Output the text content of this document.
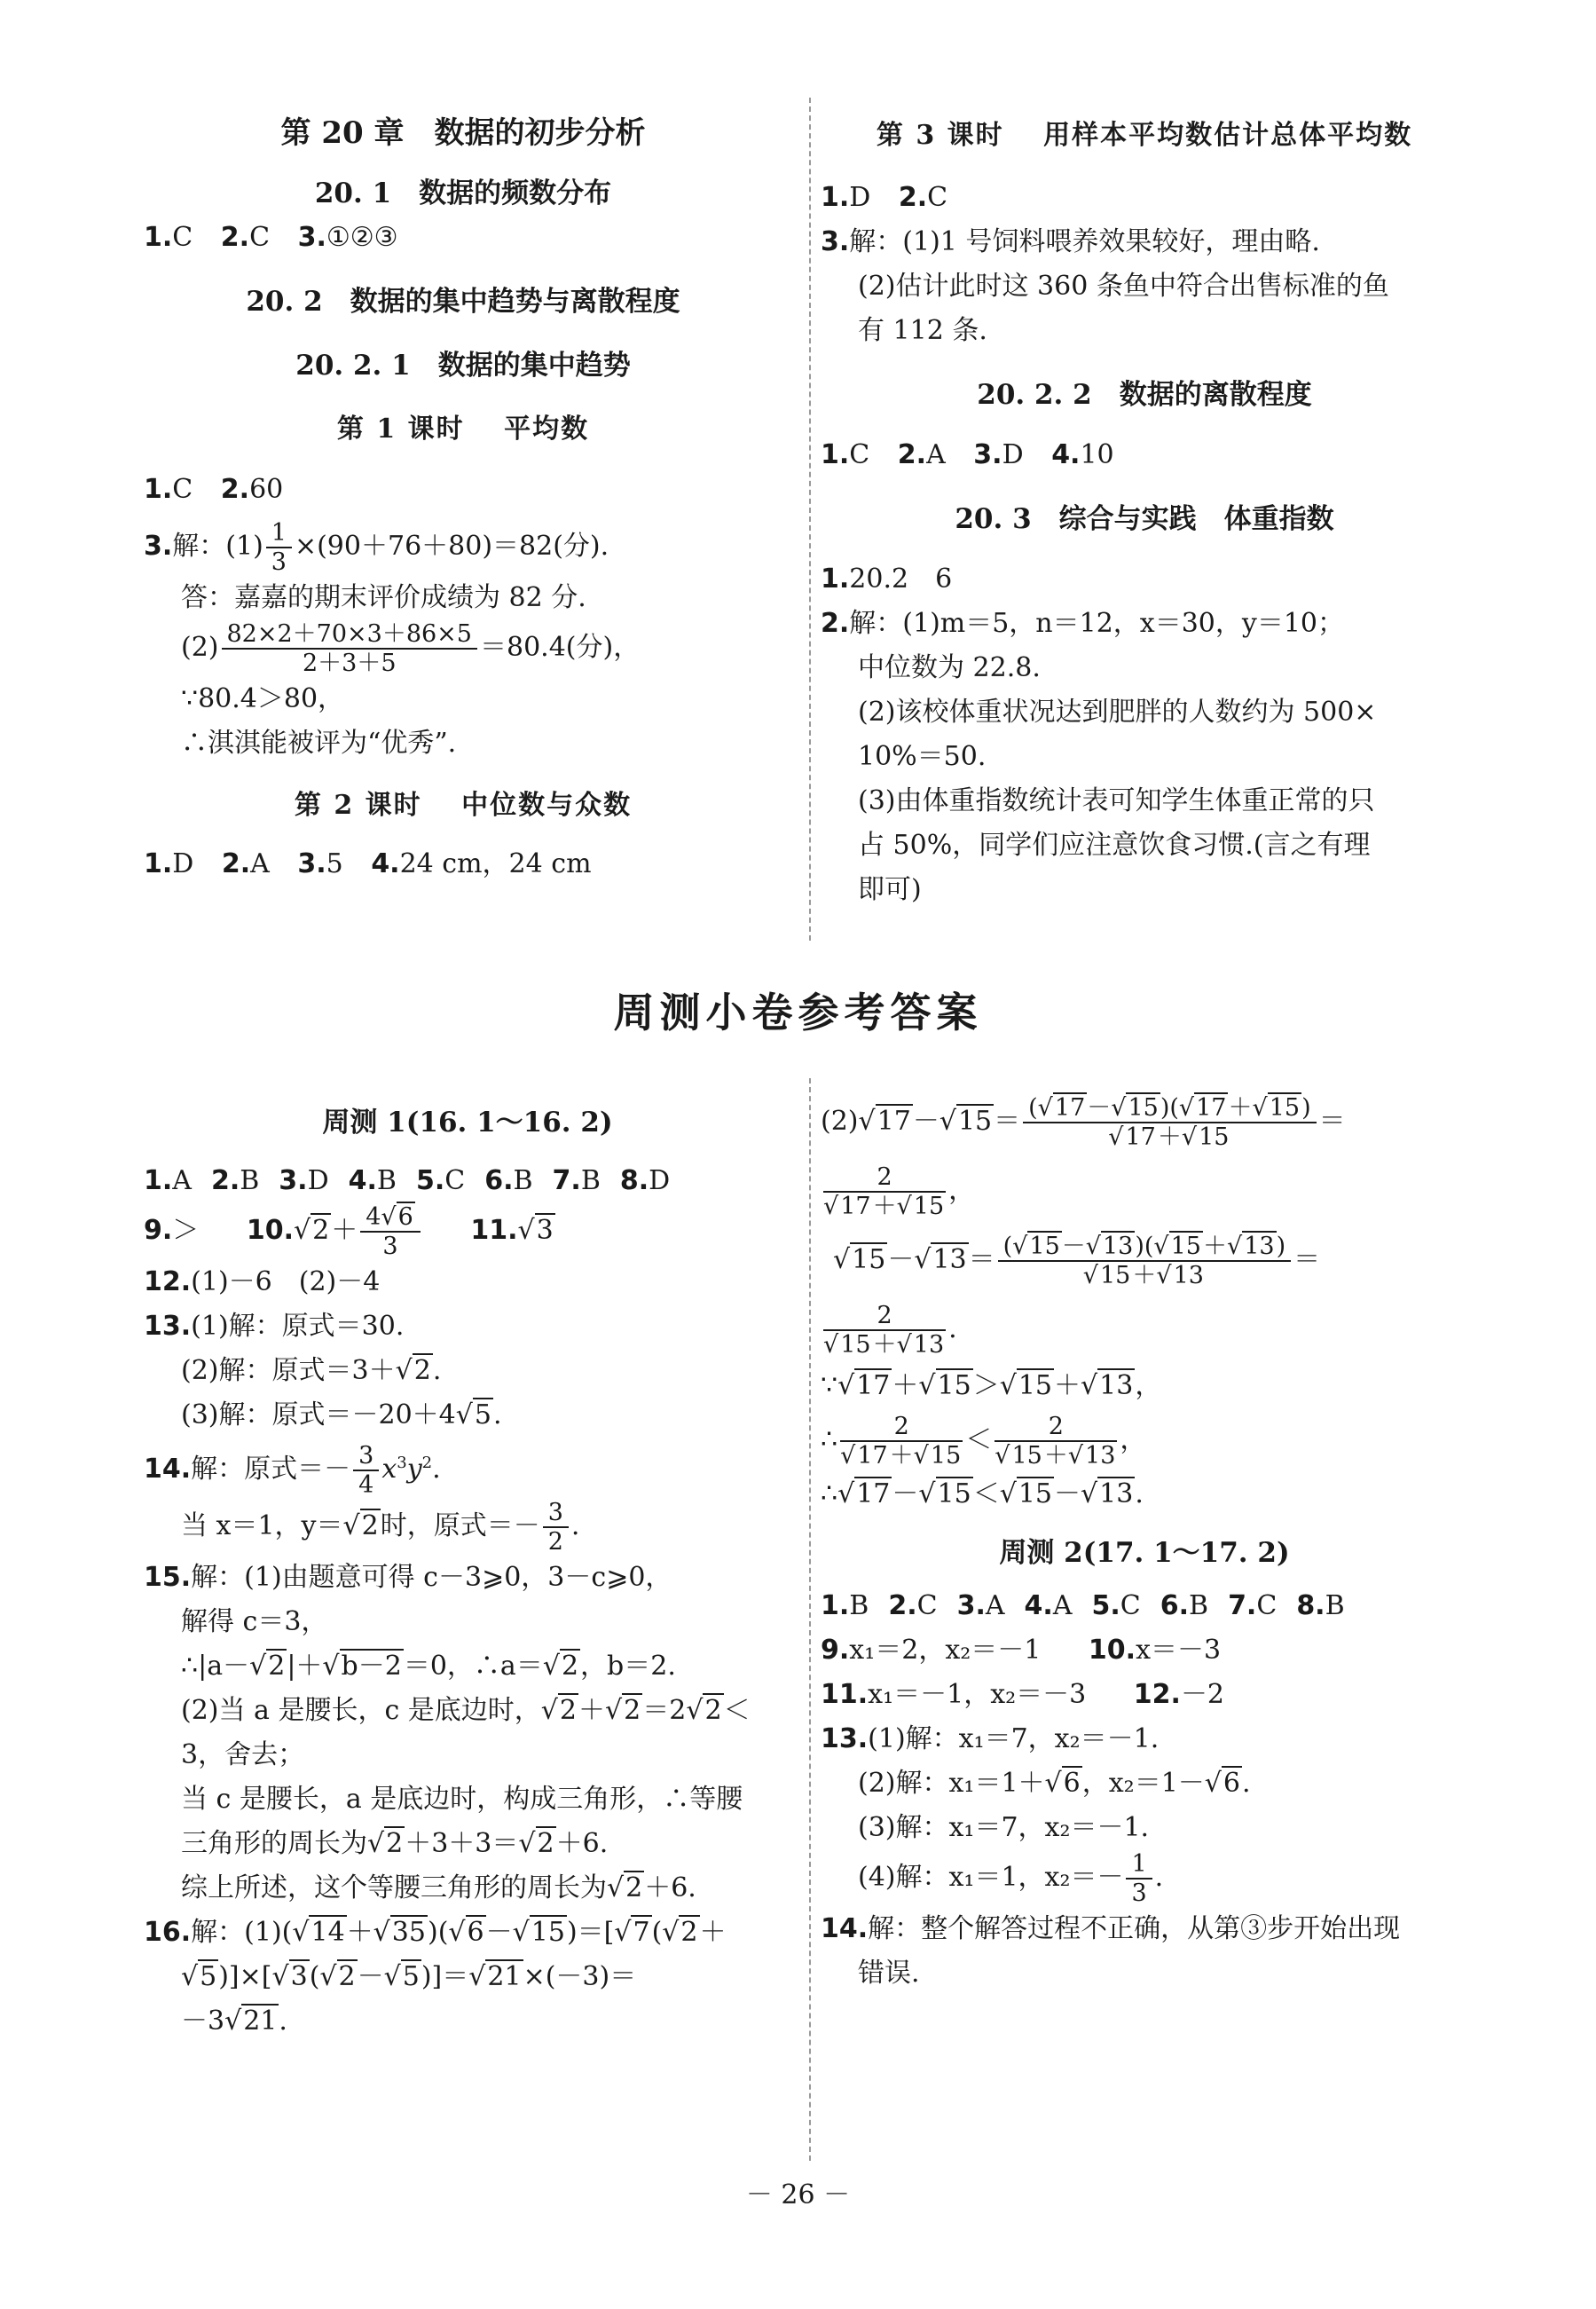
第 20 章　数据的初步分析
20. 1　数据的频数分布
1.C 2.C 3.①②③
20. 2　数据的集中趋势与离散程度
20. 2. 1　数据的集中趋势
第 1 课时　 平均数
1.C 2.60
3.解：$(1) \frac{1}{3} \times(90+76+80)=82$(分).
答：嘉嘉的期末评价成绩为 82 分.
$(2) \frac{82\times 2+70\times 3+86\times 5}{2+3+5} =80.4$(分)，
∵80.4＞80，
∴淇淇能被评为“优秀”.
第 2 课时　 中位数与众数
1.D 2.A 3.5 4.24 cm，24 cm
第 3 课时　 用样本平均数估计总体平均数
1.D 2.C
3.解：(1)1 号饲料喂养效果较好，理由略.
(2)估计此时这 360 条鱼中符合出售标准的鱼
有 112 条.
20. 2. 2　数据的离散程度
1.C 2.A 3.D 4.10
20. 3　综合与实践　体重指数
1.20.2　6
2.解：(1)m＝5，n＝12，x＝30，y＝10；
中位数为 22.8.
(2)该校体重状况达到肥胖的人数约为 500×
10%＝50.
(3)由体重指数统计表可知学生体重正常的只
占 50%，同学们应注意饮食习惯.(言之有理
即可)
周测小卷参考答案
周测 1(16. 1～16. 2)
1.A 2.B 3.D 4.B 5.C 6.B 7.B 8.D
$9.> 10.√2+ \frac{4√6}{3} 11.√3$
12.(1)－6　(2)－4
13.(1)解：原式＝30.
(2)解：原式＝3＋√2.
(3)解：原式＝－20＋4√5.
14.解：原式＝－ $\frac{3}{4} x^3y^2$.
当 x＝1，y＝√2时，原式＝－ $\frac{3}{2}$ .
15.解：(1)由题意可得 c－3⩾0，3－c⩾0，
解得 c＝3，
∴|a－√2|＋√b－2＝0，∴a＝√2，b＝2.
(2)当 a 是腰长，c 是底边时，√2＋√2＝2√2＜
3，舍去；
当 c 是腰长，a 是底边时，构成三角形，∴等腰
三角形的周长为√2＋3＋3＝√2＋6.
综上所述，这个等腰三角形的周长为√2＋6.
16.解：(1)(√14＋√35)(√6－√15)＝[√7(√2＋
√5)]×[√3(√2－√5)]＝√21×(－3)＝
－3√21.
$(2)√17-√15= \frac{(√17-√15)(√17+√15)}{√17+√15}$ ＝
$\frac{2}{√17+√15}$ ，
$√15-√13= \frac{(√15-√13)(√15+√13)}{√15+√13}$ ＝
$\frac{2}{√15+√13}$ .
∵√17＋√15＞√15＋√13，
∴ $\frac{2}{√17+√15} < \frac{2}{√15+√13}$ ，
∴√17－√15＜√15－√13.
周测 2(17. 1～17. 2)
1.B 2.C 3.A 4.A 5.C 6.B 7.C 8.B
9.x₁＝2，x₂＝－1 10.x＝－3
11.x₁＝－1，x₂＝－3 12.－2
13.(1)解：x₁＝7，x₂＝－1.
(2)解：x₁＝1＋√6，x₂＝1－√6.
(3)解：x₁＝7，x₂＝－1.
(4)解：x₁＝1，$x_2=- \frac{1}{3}$ .
14.解：整个解答过程不正确，从第③步开始出现
错误.
－ 26 －
